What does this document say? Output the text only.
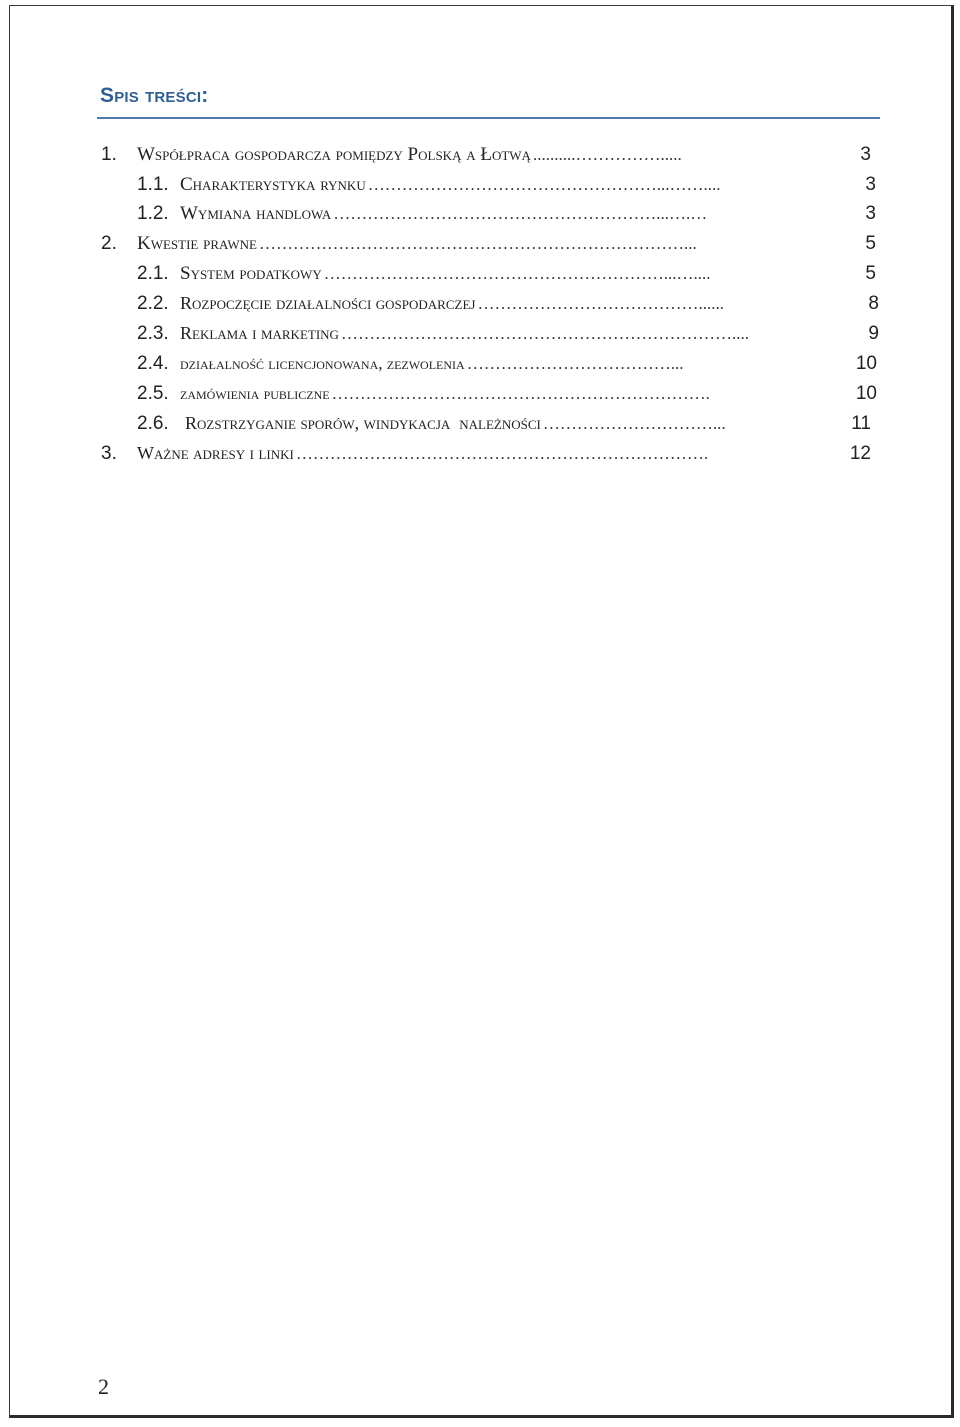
Spis treści:
1.	Współpraca gospodarcza pomiędzy Polską a Łotwą ..........…………….....	3
1.1. Charakterystyka rynku ……………………………………………...……....	3
1.2. Wymiana handlowa …………………………………………………...….…	3
2.	Kwestie prawne …………………………………………………………………...	5
2.1. System podatkowy ……………………………………………………...…....	5
2.2. Rozpoczęcie działalności gospodarczej …………………………………......	8
2.3. Reklama i marketing ……………………………………………………………....	9
2.4. działalność licencjonowana, zezwolenia ………………………………...	10
2.5. zamówienia publiczne ………………………………………………………….	10
2.6. Rozstrzyganie sporów, windykacja  należności …………………………...	11
3.	Ważne adresy i linki ……………………………………………………………….	12
2
